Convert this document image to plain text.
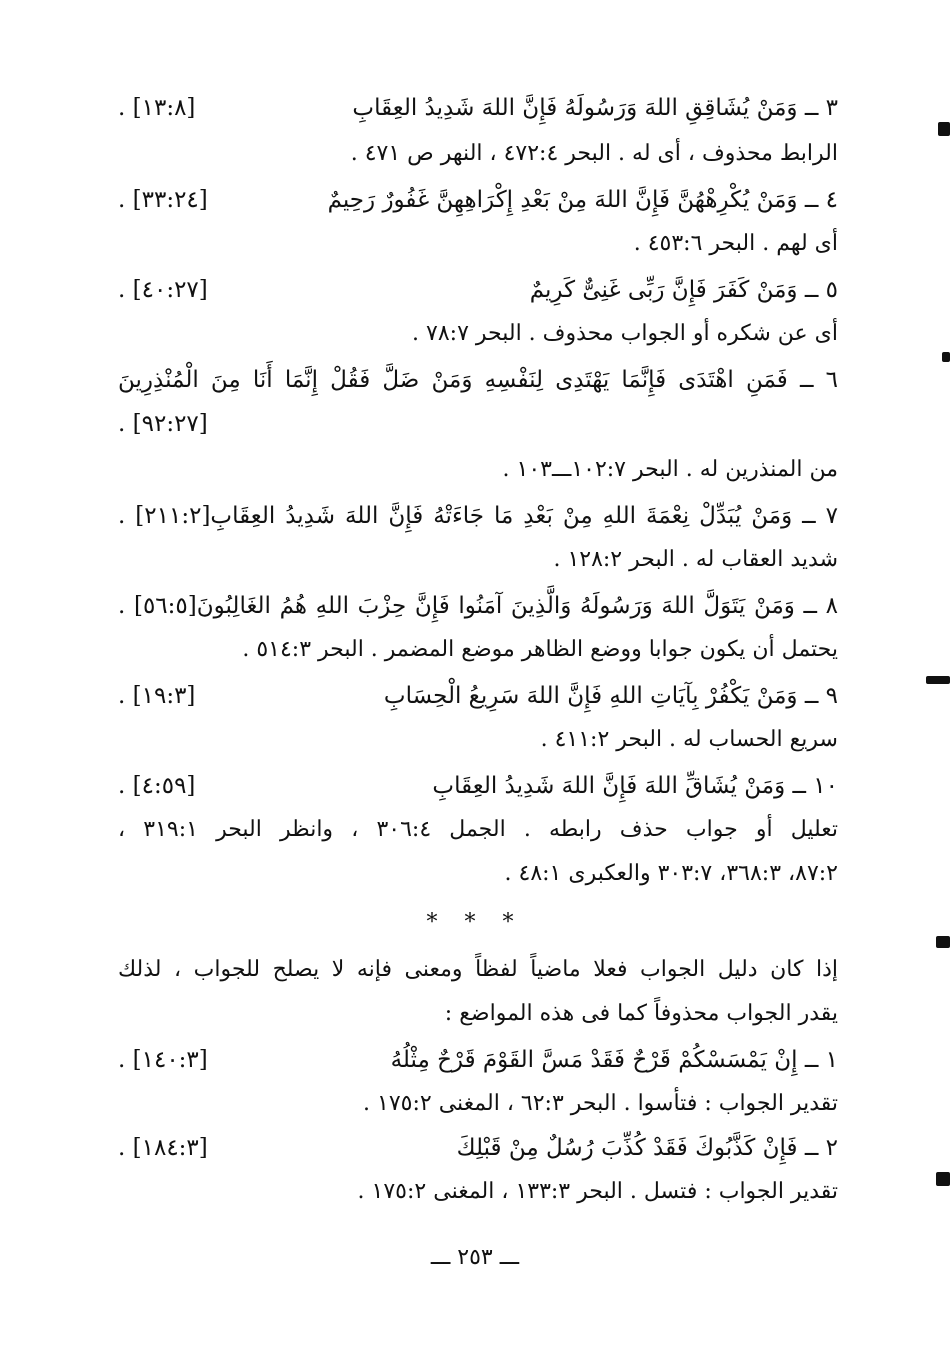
٣ ــ وَمَنْ يُشَاقِقِ اللهَ وَرَسُولَهُ فَإِنَّ اللهَ شَدِيدُ العِقَابِ
[١٣:٨] .
الرابط محذوف ، أى له . البحر ٤٧٢:٤ ، النهر ص ٤٧١ .
٤ ــ وَمَنْ يُكْرِهْهُنَّ فَإِنَّ اللهَ مِنْ بَعْدِ إِكْرَاهِهِنَّ غَفُورٌ رَحِيمٌ
[٣٣:٢٤] .
أى لهم . البحر ٤٥٣:٦ .
٥ ــ وَمَنْ كَفَرَ فَإِنَّ رَبِّى غَنِىٌّ كَرِيمٌ
[٤٠:٢٧] .
أى عن شكره أو الجواب محذوف . البحر ٧٨:٧ .
٦ ــ فَمَنِ اهْتَدَى فَإِنَّمَا يَهْتَدِى لِنَفْسِهِ وَمَنْ ضَلَّ فَقُلْ إِنَّمَا أَنَا مِنَ الْمُنْذِرِينَ
[٩٢:٢٧] .
من المنذرين له . البحر ١٠٢:٧ـــ١٠٣ .
٧ ــ وَمَنْ يُبَدِّلْ نِعْمَةَ اللهِ مِنْ بَعْدِ مَا جَاءَتْهُ فَإِنَّ اللهَ شَدِيدُ العِقَابِ[٢١١:٢] .
شديد العقاب له . البحر ١٢٨:٢ .
٨ ــ وَمَنْ يَتَوَلَّ اللهَ وَرَسُولَهُ وَالَّذِينَ آمَنُوا فَإِنَّ حِزْبَ اللهِ هُمُ الغَالِبُونَ[٥٦:٥] .
يحتمل أن يكون جوابا ووضع الظاهر موضع المضمر . البحر ٥١٤:٣ .
٩ ــ وَمَنْ يَكْفُرْ بِآيَاتِ اللهِ فَإِنَّ اللهَ سَرِيعُ الْحِسَابِ
[١٩:٣] .
سريع الحساب له . البحر ٤١١:٢ .
١٠ ــ وَمَنْ يُشَاقِّ اللهَ فَإِنَّ اللهَ شَدِيدُ العِقَابِ
[٤:٥٩] .
تعليل أو جواب حذف رابطه . الجمل ٣٠٦:٤ ، وانظر البحر ٣١٩:١ ،
٨٧:٢، ٣٦٨:٣، ٣٠٣:٧ والعكبرى ٤٨:١ .
* * *
إذا كان دليل الجواب فعلا ماضياً لفظاً ومعنى فإنه لا يصلح للجواب ، لذلك
يقدر الجواب محذوفاً كما فى هذه المواضع :
١ ــ إِنْ يَمْسَسْكُمْ قَرْحٌ فَقَدْ مَسَّ القَوْمَ قَرْحٌ مِثْلُهُ
[١٤٠:٣] .
تقدير الجواب : فتأسوا . البحر ٦٢:٣ ، المغنى ١٧٥:٢ .
٢ ــ فَإِنْ كَذَّبُوكَ فَقَدْ كُذِّبَ رُسُلٌ مِنْ قَبْلِكَ
[١٨٤:٣] .
تقدير الجواب : فتسل . البحر ١٣٣:٣ ، المغنى ١٧٥:٢ .
ـــ ٢٥٣ ـــ
